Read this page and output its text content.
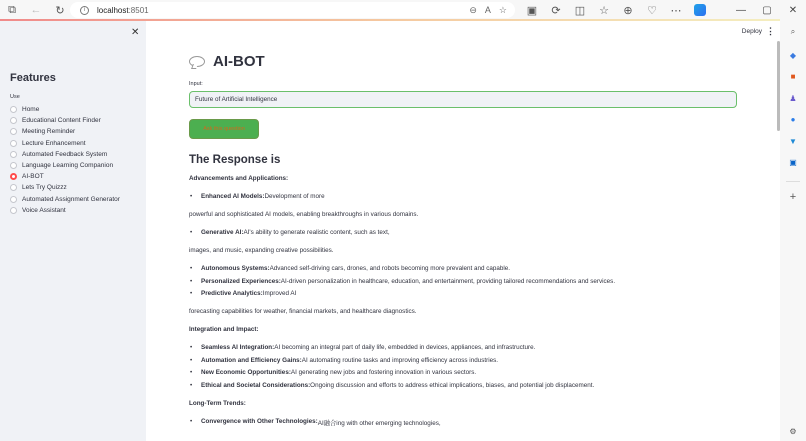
⧉	←	↻	i	localhost:8501	⊖ A ☆	▣	⟳	◫	☆	⊕	♡	⋯	—	▢	✕
✕
Features
Use
Home
Educational Content Finder
Meeting Reminder
Lecture Enhancement
Automated Feedback System
Language Learning Companion
AI-BOT
Lets Try Quizzz
Automated Assignment Generator
Voice Assistant
Deploy ⋮
AI-BOT
Input:
Future of Artificial Intelligence
Ask this question
The Response is
Advancements and Applications:
•	Enhanced AI Models: Development of more
powerful and sophisticated AI models, enabling breakthroughs in various domains.
•	Generative AI: AI's ability to generate realistic content, such as text,
images, and music, expanding creative possibilities.
•	Autonomous Systems: Advanced self-driving cars, drones, and robots becoming more prevalent and capable.
•	Personalized Experiences: AI-driven personalization in healthcare, education, and entertainment, providing tailored recommendations and services.
•	Predictive Analytics: Improved AI
forecasting capabilities for weather, financial markets, and healthcare diagnostics.
Integration and Impact:
•	Seamless AI Integration: AI becoming an integral part of daily life, embedded in devices, appliances, and infrastructure.
•	Automation and Efficiency Gains: AI automating routine tasks and improving efficiency across industries.
•	New Economic Opportunities: AI generating new jobs and fostering innovation in various sectors.
•	Ethical and Societal Considerations: Ongoing discussion and efforts to address ethical implications, biases, and potential job displacement.
Long-Term Trends:
•	Convergence with Other Technologies: AI融合ing with other emerging technologies,
⌕
◆
■
♟
●
▼
▣
+
⚙
